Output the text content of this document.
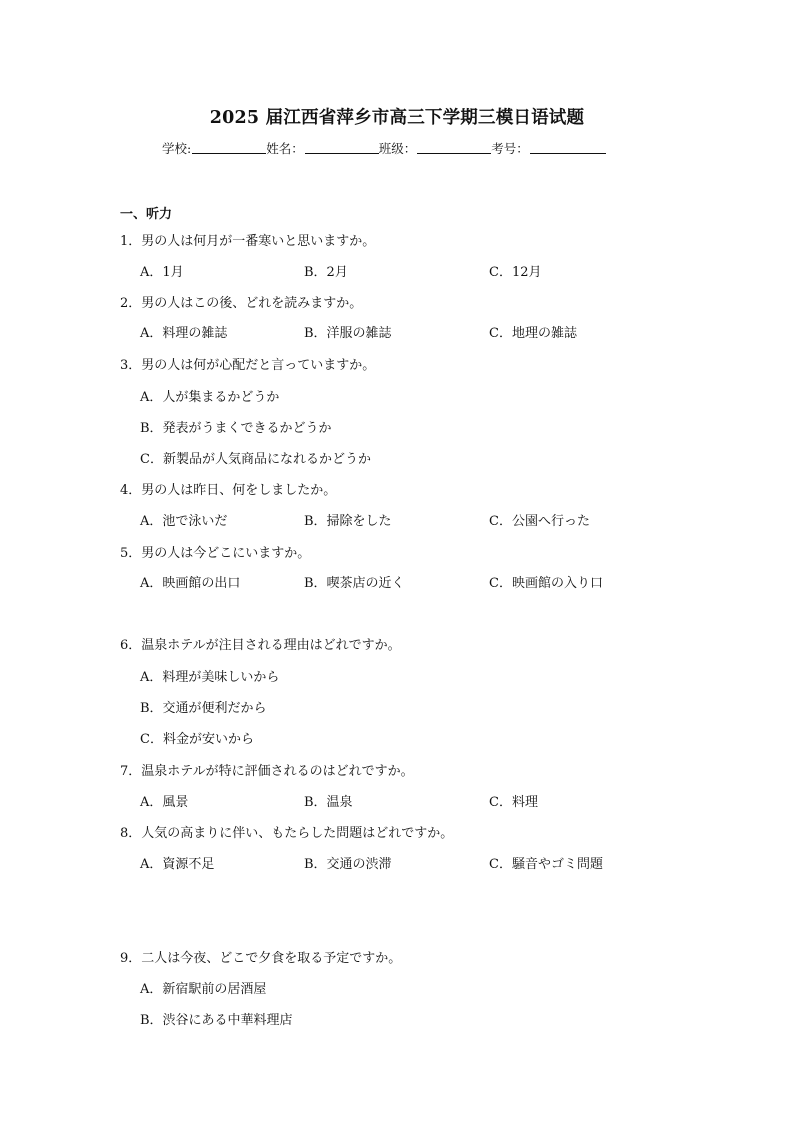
2025 届江西省萍乡市高三下学期三模日语试题
学校:	姓名：	班级：	考号：
一、听力
1．男の人は何月が一番寒いと思いますか。
A．1月	B．2月	C．12月
2．男の人はこの後、どれを読みますか。
A．料理の雑誌	B．洋服の雑誌	C．地理の雑誌
3．男の人は何が心配だと言っていますか。
A．人が集まるかどうか
B．発表がうまくできるかどうか
C．新製品が人気商品になれるかどうか
4．男の人は昨日、何をしましたか。
A．池で泳いだ	B．掃除をした	C．公園へ行った
5．男の人は今どこにいますか。
A．映画館の出口	B．喫茶店の近く	C．映画館の入り口
6．温泉ホテルが注目される理由はどれですか。
A．料理が美味しいから
B．交通が便利だから
C．料金が安いから
7．温泉ホテルが特に評価されるのはどれですか。
A．風景	B．温泉	C．料理
8．人気の高まりに伴い、もたらした問題はどれですか。
A．資源不足	B．交通の渋滞	C．騒音やゴミ問題
9．二人は今夜、どこで夕食を取る予定ですか。
A．新宿駅前の居酒屋
B．渋谷にある中華料理店
